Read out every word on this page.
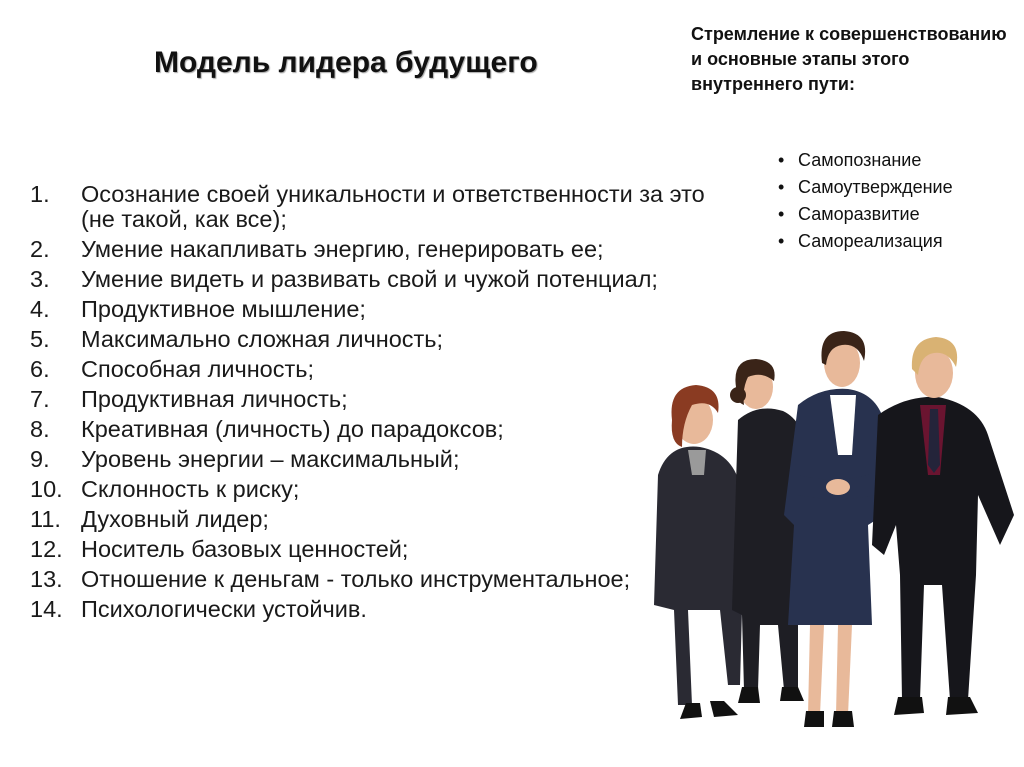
Модель лидера будущего
Стремление к совершенствованию и основные этапы этого внутреннего пути:
• Самопознание
• Самоутверждение
• Саморазвитие
• Самореализация
1. Осознание своей уникальности и ответственности за это (не такой, как все);
2. Умение накапливать энергию, генерировать ее;
3. Умение видеть и развивать свой и чужой потенциал;
4. Продуктивное мышление;
5. Максимально сложная личность;
6. Способная личность;
7. Продуктивная личность;
8. Креативная (личность) до парадоксов;
9. Уровень энергии – максимальный;
10. Склонность к риску;
11. Духовный лидер;
12. Носитель базовых ценностей;
13. Отношение к деньгам - только инструментальное;
14. Психологически устойчив.
